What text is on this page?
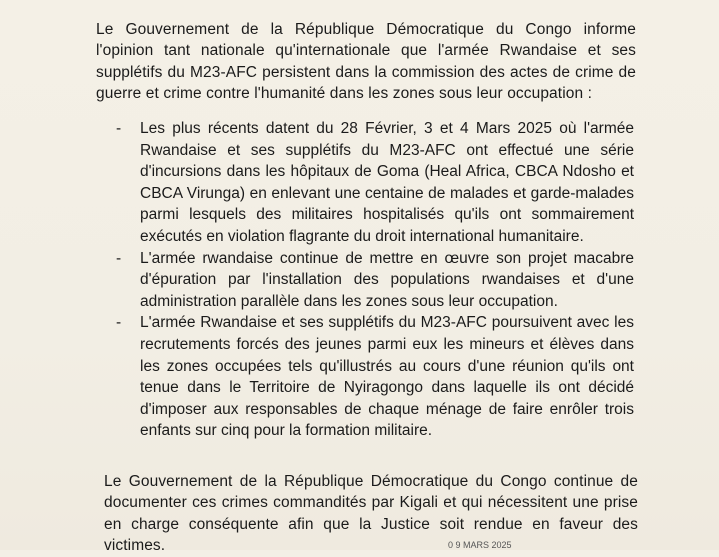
Le Gouvernement de la République Démocratique du Congo informe l'opinion tant nationale qu'internationale que l'armée Rwandaise et ses supplétifs du M23-AFC persistent dans la commission des actes de crime de guerre et crime contre l'humanité dans les zones sous leur occupation :

- Les plus récents datent du 28 Février, 3 et 4 Mars 2025 où l'armée Rwandaise et ses supplétifs du M23-AFC ont effectué une série d'incursions dans les hôpitaux de Goma (Heal Africa, CBCA Ndosho et CBCA Virunga) en enlevant une centaine de malades et garde-malades parmi lesquels des militaires hospitalisés qu'ils ont sommairement exécutés en violation flagrante du droit international humanitaire.
- L'armée rwandaise continue de mettre en œuvre son projet macabre d'épuration par l'installation des populations rwandaises et d'une administration parallèle dans les zones sous leur occupation.
- L'armée Rwandaise et ses supplétifs du M23-AFC poursuivent avec les recrutements forcés des jeunes parmi eux les mineurs et élèves dans les zones occupées tels qu'illustrés au cours d'une réunion qu'ils ont tenue dans le Territoire de Nyiragongo dans laquelle ils ont décidé d'imposer aux responsables de chaque ménage de faire enrôler trois enfants sur cinq pour la formation militaire.

Le Gouvernement de la République Démocratique du Congo continue de documenter ces crimes commandités par Kigali et qui nécessitent une prise en charge conséquente afin que la Justice soit rendue en faveur des victimes.	0 9 MARS 2025
